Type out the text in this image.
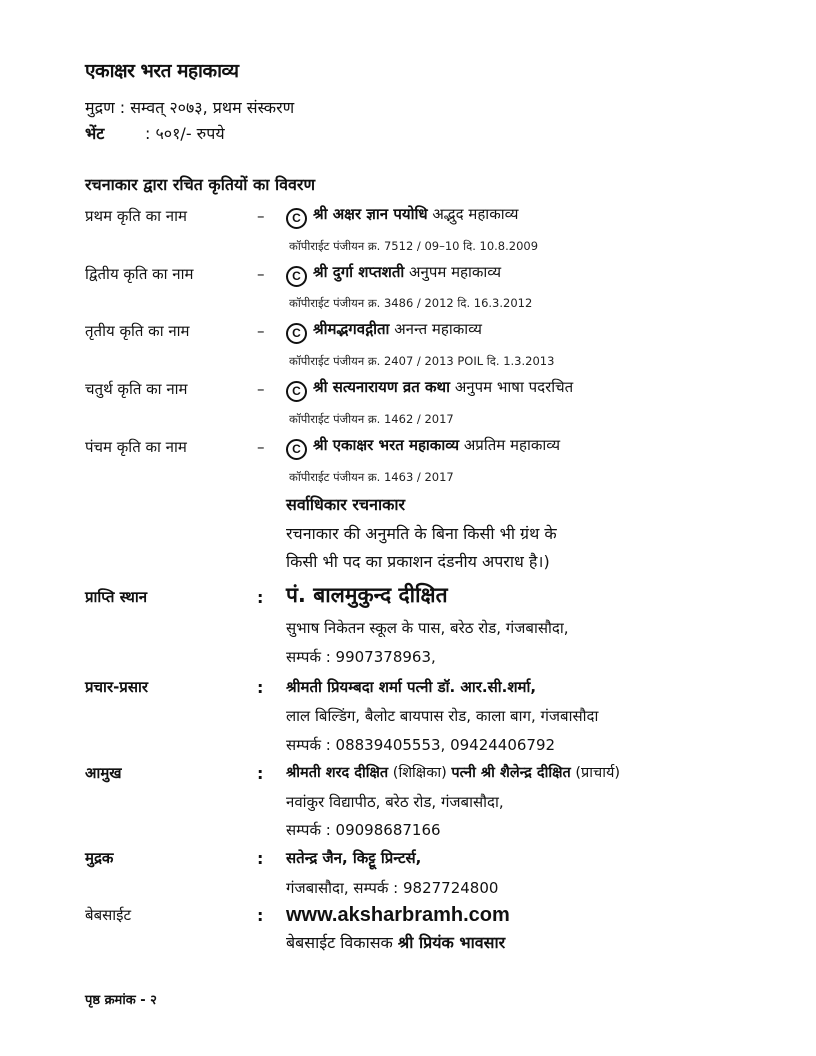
एकाक्षर भरत महाकाव्य
मुद्रण : सम्वत् २०७३, प्रथम संस्करण
भेंट	: ५०१/- रुपये
रचनाकार द्वारा रचित कृतियों का विवरण
प्रथम कृति का नाम	–	C श्री अक्षर ज्ञान पयोधि अद्भुद महाकाव्य
कॉपीराईट पंजीयन क्र. 7512 / 09–10 दि. 10.8.2009
द्वितीय कृति का नाम	–	C श्री दुर्गा शप्तशती अनुपम महाकाव्य
कॉपीराईट पंजीयन क्र. 3486 / 2012 दि. 16.3.2012
तृतीय कृति का नाम	–	C श्रीमद्भगवद्गीता अनन्त महाकाव्य
कॉपीराईट पंजीयन क्र. 2407 / 2013 POIL दि. 1.3.2013
चतुर्थ कृति का नाम	–	C श्री सत्यनारायण व्रत कथा अनुपम भाषा पदरचित
कॉपीराईट पंजीयन क्र. 1462 / 2017
पंचम कृति का नाम	–	C श्री एकाक्षर भरत महाकाव्य अप्रतिम महाकाव्य
कॉपीराईट पंजीयन क्र. 1463 / 2017
सर्वाधिकार रचनाकार
रचनाकार की अनुमति के बिना किसी भी ग्रंथ के
किसी भी पद का प्रकाशन दंडनीय अपराध है।)
प्राप्ति स्थान	: पं. बालमुकुन्द दीक्षित
सुभाष निकेतन स्कूल के पास, बरेठ रोड, गंजबासौदा,
सम्पर्क : 9907378963,
प्रचार-प्रसार	: श्रीमती प्रियम्बदा शर्मा पत्नी डॉ. आर.सी.शर्मा,
लाल बिल्डिंग, बैलोट बायपास रोड, काला बाग, गंजबासौदा
सम्पर्क : 08839405553, 09424406792
आमुख	: श्रीमती शरद दीक्षित (शिक्षिका) पत्नी श्री शैलेन्द्र दीक्षित (प्राचार्य)
नवांकुर विद्यापीठ, बरेठ रोड, गंजबासौदा,
सम्पर्क : 09098687166
मुद्रक	: सतेन्द्र जैन, किट्टू प्रिन्टर्स,
गंजबासौदा, सम्पर्क : 9827724800
बेबसाईट	: www.aksharbramh.com
बेबसाईट विकासक श्री प्रियंक भावसार
पृष्ठ क्रमांक - २
